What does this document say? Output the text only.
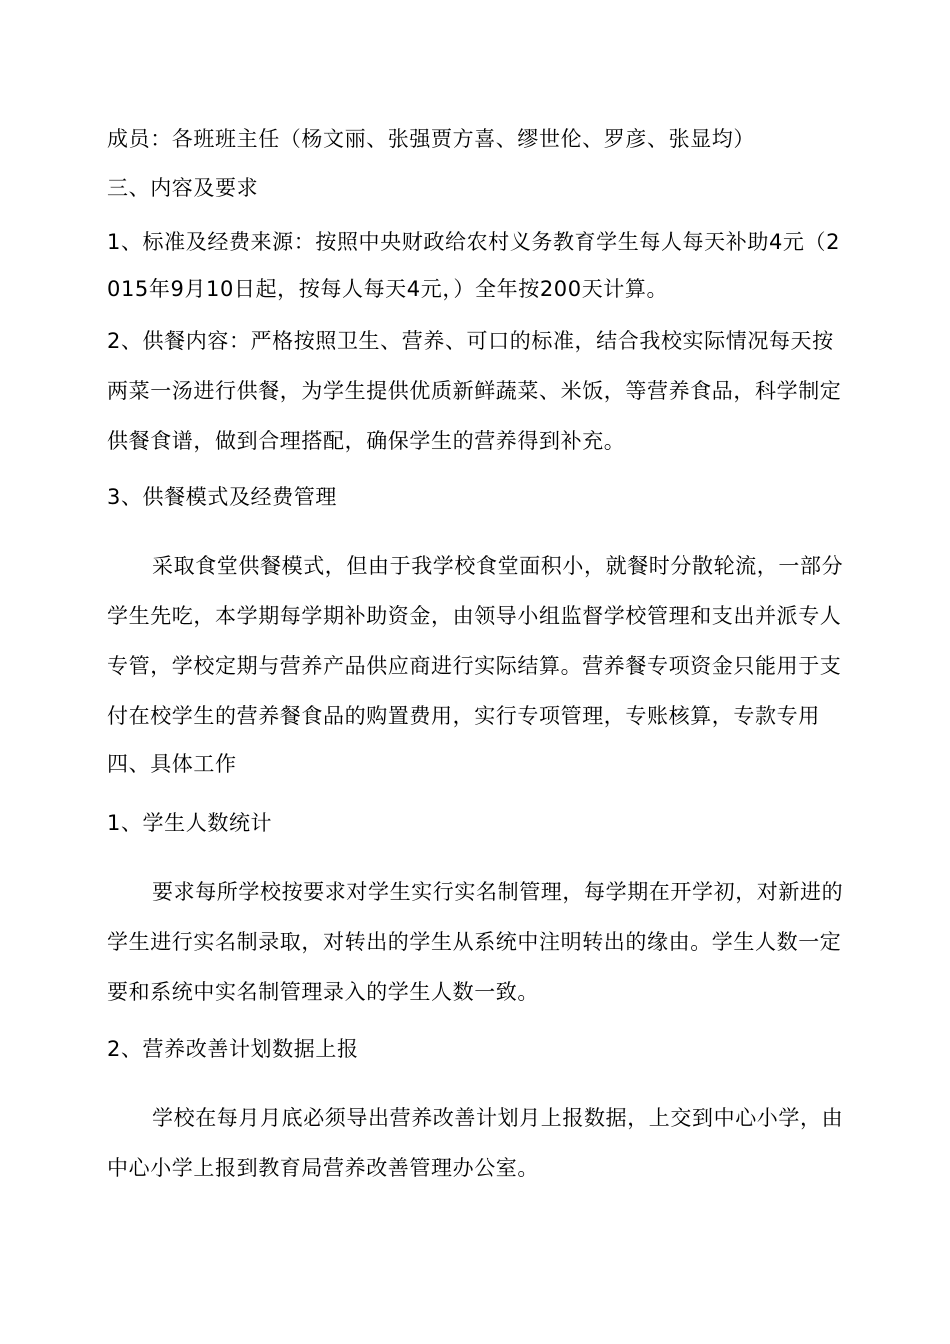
成员：各班班主任（杨文丽、张强贾方喜、缪世伦、罗彦、张显均）
三、内容及要求
1、标准及经费来源：按照中央财政给农村义务教育学生每人每天补助4元（2
015年9月10日起，按每人每天4元，）全年按200天计算。
2、供餐内容：严格按照卫生、营养、可口的标准，结合我校实际情况每天按
两菜一汤进行供餐，为学生提供优质新鲜蔬菜、米饭，等营养食品，科学制定
供餐食谱，做到合理搭配，确保学生的营养得到补充。
3、供餐模式及经费管理
采取食堂供餐模式，但由于我学校食堂面积小，就餐时分散轮流，一部分
学生先吃，本学期每学期补助资金，由领导小组监督学校管理和支出并派专人
专管，学校定期与营养产品供应商进行实际结算。营养餐专项资金只能用于支
付在校学生的营养餐食品的购置费用，实行专项管理，专账核算，专款专用
四、具体工作
1、学生人数统计
要求每所学校按要求对学生实行实名制管理，每学期在开学初，对新进的
学生进行实名制录取，对转出的学生从系统中注明转出的缘由。学生人数一定
要和系统中实名制管理录入的学生人数一致。
2、营养改善计划数据上报
学校在每月月底必须导出营养改善计划月上报数据，上交到中心小学，由
中心小学上报到教育局营养改善管理办公室。
